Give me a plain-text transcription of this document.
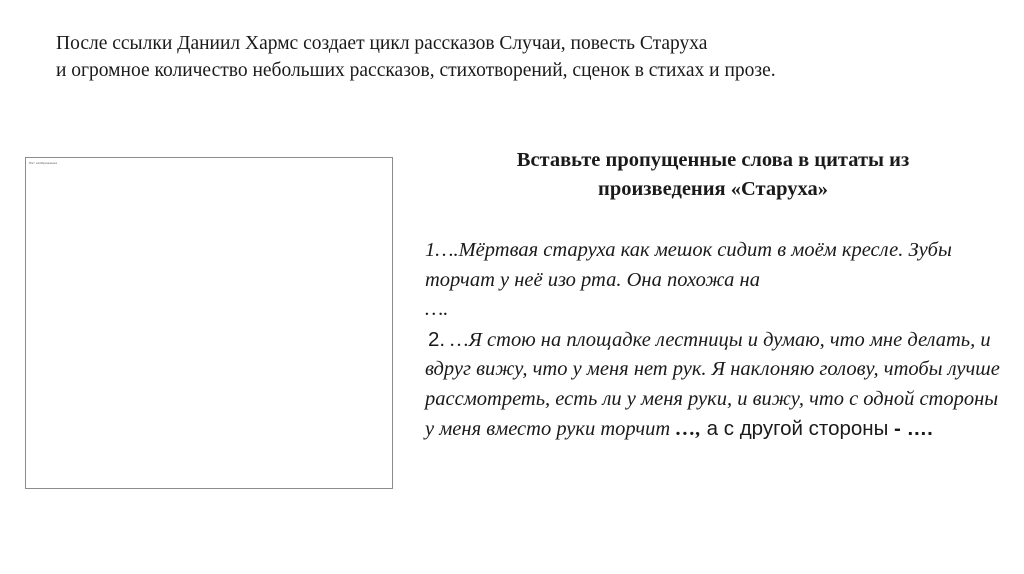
После ссылки Даниил Хармс создает цикл рассказов Случаи, повесть Старуха
и огромное количество небольших рассказов, стихотворений, сценок в стихах и прозе.
Нет изображения	Вставьте пропущенные слова в цитаты из
произведения «Старуха»

1….Мёртвая старуха как мешок сидит в моём кресле. Зубы торчат у неё изо рта. Она похожа на
….

2. …Я стою на площадке лестницы и думаю, что мне делать, и вдруг вижу, что у меня нет рук. Я наклоняю голову, чтобы лучше рассмотреть, есть ли у меня руки, и вижу, что с одной стороны у меня вместо руки торчит …, а с другой стороны - ….
